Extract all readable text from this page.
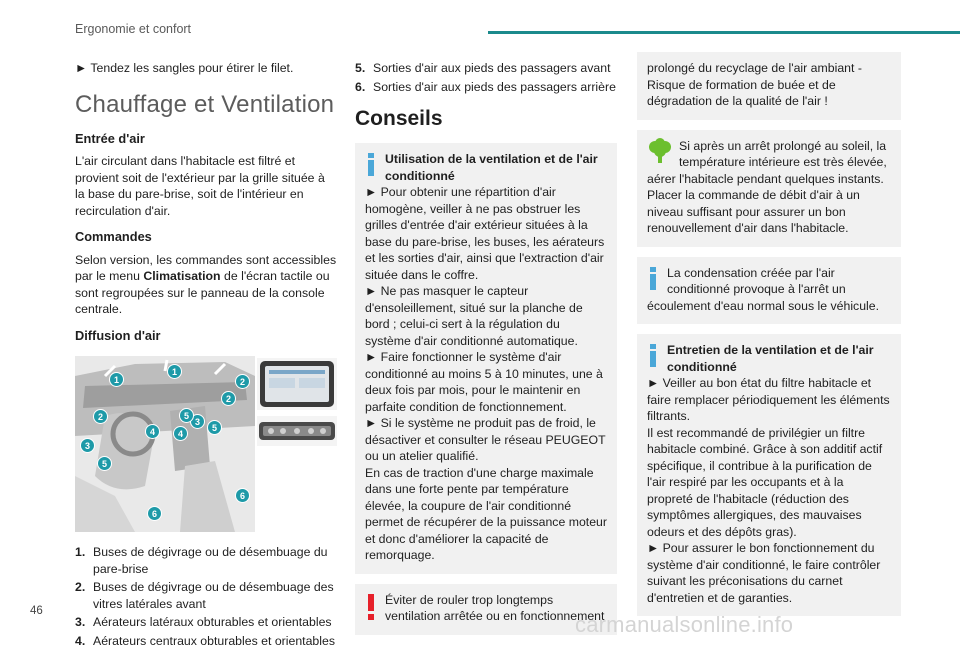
Ergonomie et confort
► Tendez les sangles pour étirer le filet.
Chauffage et Ventilation
Entrée d'air

L'air circulant dans l'habitacle est filtré et provient soit de l'extérieur par la grille située à la base du pare-brise, soit de l'intérieur en recirculation d'air.

Commandes

Selon version, les commandes sont accessibles par le menu Climatisation de l'écran tactile ou sont regroupées sur le panneau de la console centrale.

Diffusion d'air
1
1
2
2
2
3
3
4	4
5
5
5
6
6
1. Buses de dégivrage ou de désembuage du pare-brise
2. Buses de dégivrage ou de désembuage des vitres latérales avant
3. Aérateurs latéraux obturables et orientables
4. Aérateurs centraux obturables et orientables
5. Sorties d'air aux pieds des passagers avant
6. Sorties d'air aux pieds des passagers arrière
Conseils

Utilisation de la ventilation et de l'air conditionné

► Pour obtenir une répartition d'air homogène, veiller à ne pas obstruer les grilles d'entrée d'air extérieur situées à la base du pare-brise, les buses, les aérateurs et les sorties d'air, ainsi que l'extraction d'air située dans le coffre.

► Ne pas masquer le capteur d'ensoleillement, situé sur la planche de bord ; celui-ci sert à la régulation du système d'air conditionné automatique.

► Faire fonctionner le système d'air conditionné au moins 5 à 10 minutes, une à deux fois par mois, pour le maintenir en parfaite condition de fonctionnement.

► Si le système ne produit pas de froid, le désactiver et consulter le réseau PEUGEOT ou un atelier qualifié.

En cas de traction d'une charge maximale dans une forte pente par température élevée, la coupure de l'air conditionné permet de récupérer de la puissance moteur et donc d'améliorer la capacité de remorquage.

Éviter de rouler trop longtemps ventilation arrêtée ou en fonctionnement

prolongé du recyclage de l'air ambiant - Risque de formation de buée et de dégradation de la qualité de l'air !

Si après un arrêt prolongé au soleil, la température intérieure est très élevée, aérer l'habitacle pendant quelques instants. Placer la commande de débit d'air à un niveau suffisant pour assurer un bon renouvellement d'air dans l'habitacle.

La condensation créée par l'air conditionné provoque à l'arrêt un écoulement d'eau normal sous le véhicule.

Entretien de la ventilation et de l'air conditionné

► Veiller au bon état du filtre habitacle et faire remplacer périodiquement les éléments filtrants.

Il est recommandé de privilégier un filtre habitacle combiné. Grâce à son additif actif spécifique, il contribue à la purification de l'air respiré par les occupants et à la propreté de l'habitacle (réduction des symptômes allergiques, des mauvaises odeurs et des dépôts gras).

► Pour assurer le bon fonctionnement du système d'air conditionné, le faire contrôler suivant les préconisations du carnet d'entretien et de garanties.

46
carmanualsonline.info
